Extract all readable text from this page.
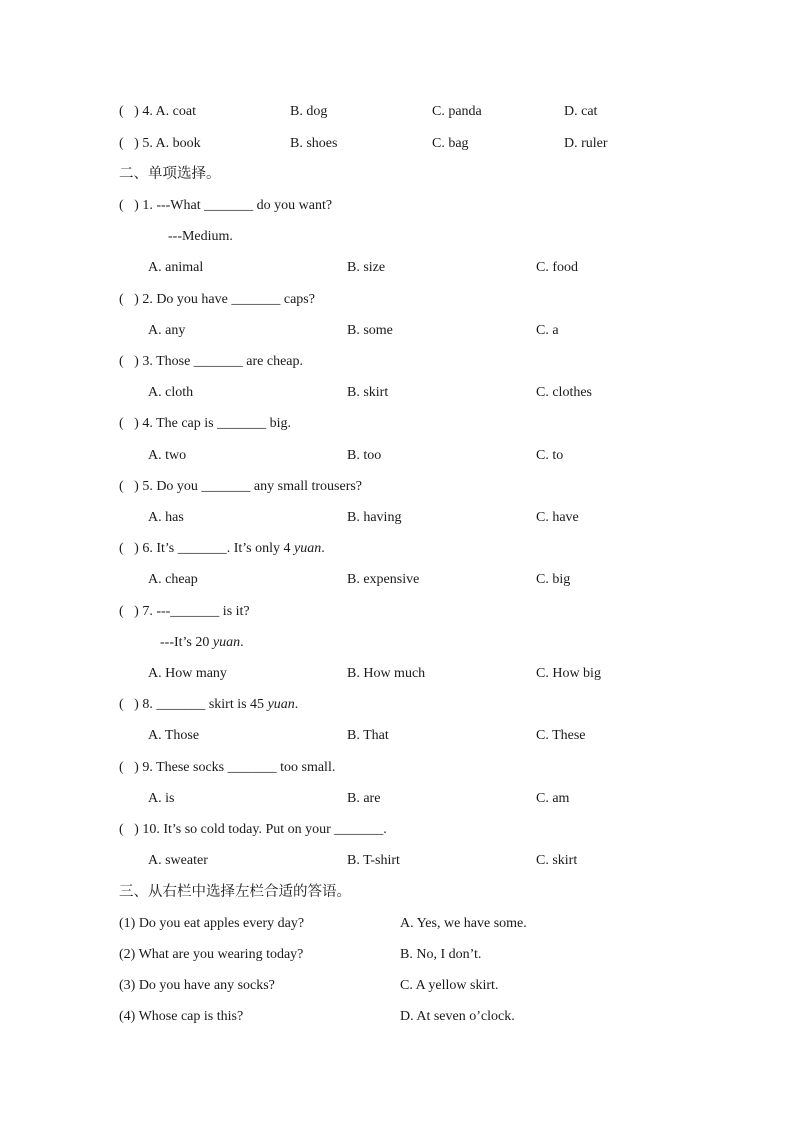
(   ) 4. A. coat	B. dog	C. panda	D. cat
(   ) 5. A. book	B. shoes	C. bag	D. ruler
二、单项选择。
(   ) 1. ---What _______ do you want?
---Medium.
A. animal	B. size	C. food
(   ) 2. Do you have _______ caps?
A. any	B. some	C. a
(   ) 3. Those _______ are cheap.
A. cloth	B. skirt	C. clothes
(   ) 4. The cap is _______ big.
A. two	B. too	C. to
(   ) 5. Do you _______ any small trousers?
A. has	B. having	C. have
(   ) 6. It’s _______. It’s only 4 yuan.
A. cheap	B. expensive	C. big
(   ) 7. ---_______ is it?
---It’s 20 yuan.
A. How many	B. How much	C. How big
(   ) 8. _______ skirt is 45 yuan.
A. Those	B. That	C. These
(   ) 9. These socks _______ too small.
A. is	B. are	C. am
(   ) 10. It’s so cold today. Put on your _______.
A. sweater	B. T-shirt	C. skirt
三、从右栏中选择左栏合适的答语。
(1) Do you eat apples every day?	A. Yes, we have some.
(2) What are you wearing today?	B. No, I don’t.
(3) Do you have any socks?	C. A yellow skirt.
(4) Whose cap is this?	D. At seven o’clock.
